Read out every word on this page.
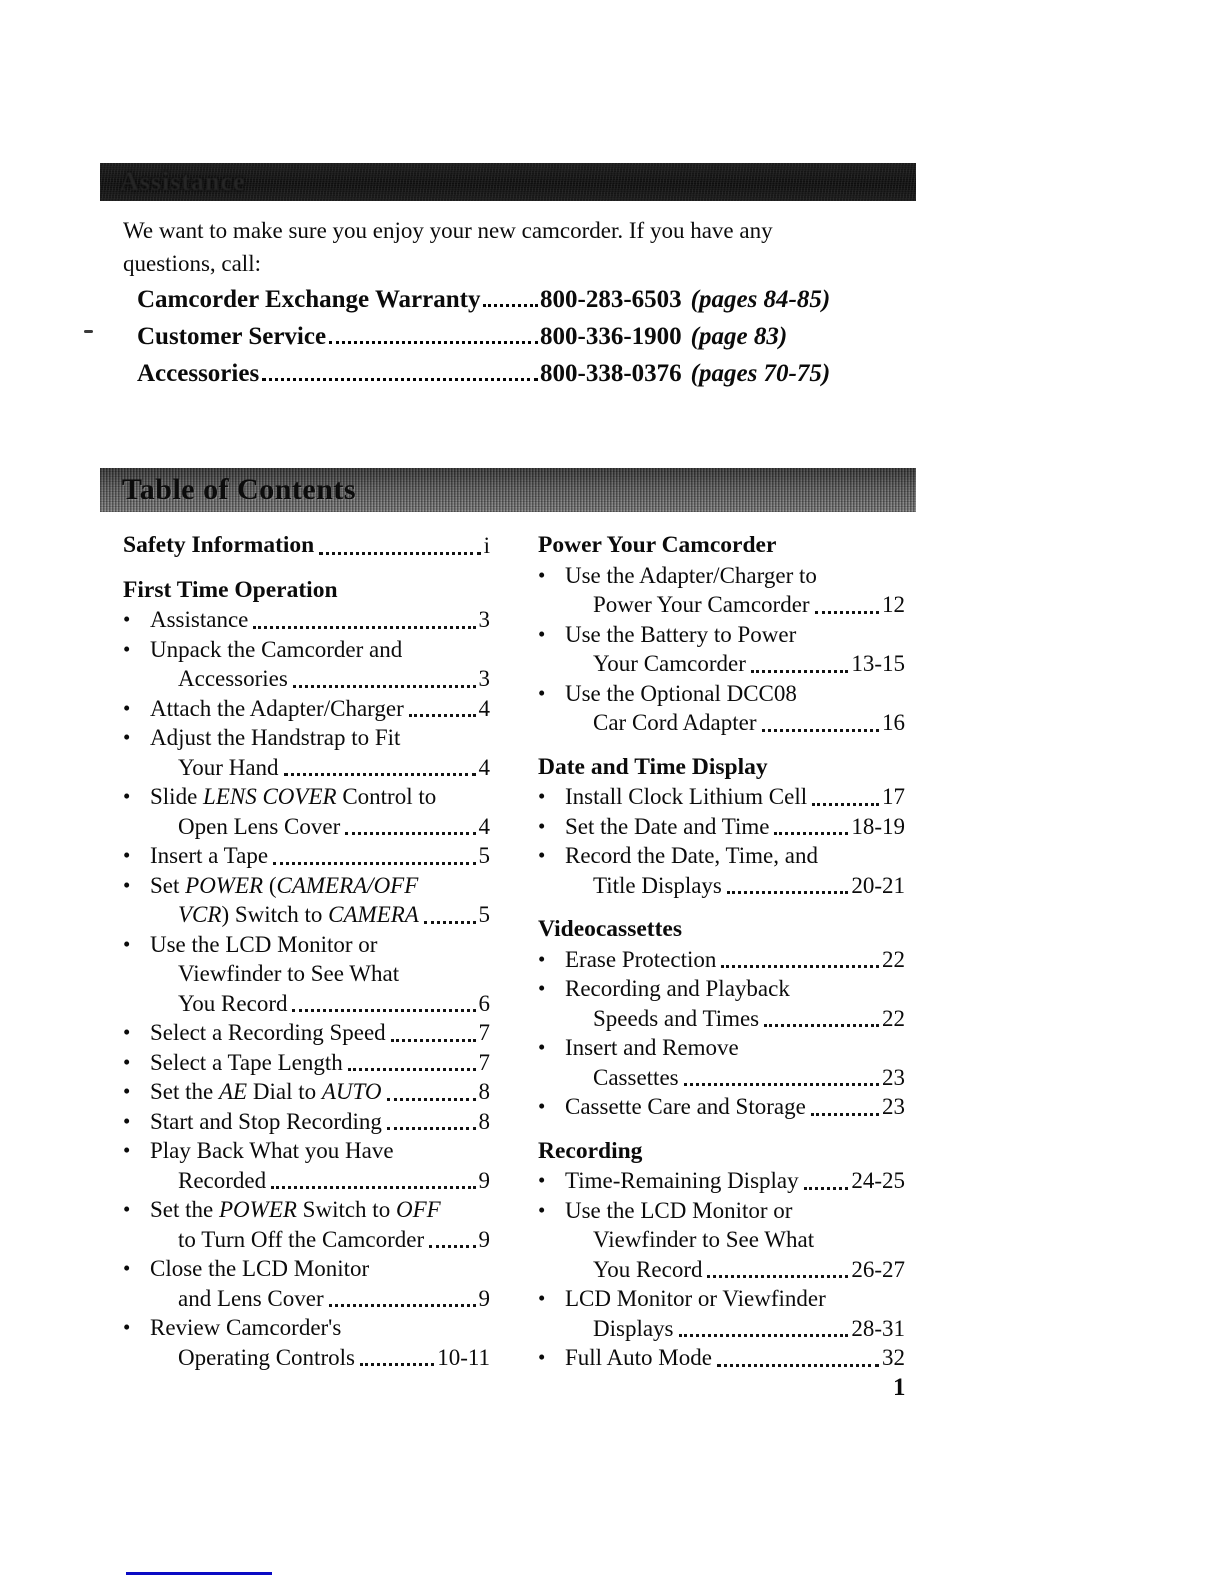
Assistance

We want to make sure you enjoy your new camcorder. If you have any questions, call:

Camcorder Exchange Warranty 800-283-6503 (pages 84-85)
Customer Service	800-336-1900 (page 83)
Accessories	800-338-0376 (pages 70-75)
Table of Contents
Safety Information	i
First Time Operation
• Assistance	3
• Unpack the Camcorder and
Accessories	3
• Attach the Adapter/Charger	4
• Adjust the Handstrap to Fit
Your Hand	4
• Slide LENS COVER Control to
Open Lens Cover	4
• Insert a Tape	5
• Set POWER (CAMERA/OFF
VCR) Switch to CAMERA	5
• Use the LCD Monitor or
Viewfinder to See What
You Record	6
• Select a Recording Speed	7
• Select a Tape Length	7
• Set the AE Dial to AUTO	8
• Start and Stop Recording	8
• Play Back What you Have
Recorded	9
• Set the POWER Switch to OFF
to Turn Off the Camcorder 9
• Close the LCD Monitor
and Lens Cover	9
• Review Camcorder's
Operating Controls	10-11
Power Your Camcorder
• Use the Adapter/Charger to
Power Your Camcorder	12
• Use the Battery to Power
Your Camcorder	13-15
• Use the Optional DCC08
Car Cord Adapter	16
Date and Time Display
• Install Clock Lithium Cell	17
• Set the Date and Time	18-19
• Record the Date, Time, and
Title Displays	20-21
Videocassettes
• Erase Protection	22
• Recording and Playback
Speeds and Times	22
• Insert and Remove
Cassettes	23
• Cassette Care and Storage	23
Recording
• Time-Remaining Display 24-25
• Use the LCD Monitor or
Viewfinder to See What
You Record	26-27
• LCD Monitor or Viewfinder
Displays	28-31
• Full Auto Mode	32
1
